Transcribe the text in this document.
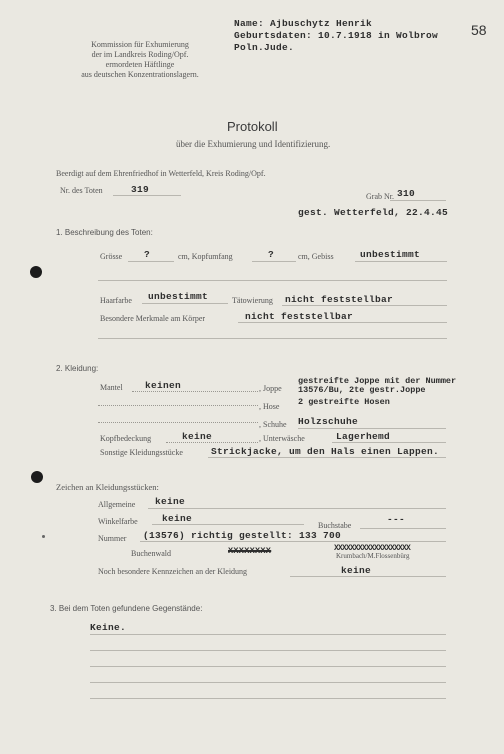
58
Kommission für Exhumierung
der im Landkreis Roding/Opf.
ermordeten Häftlinge
aus deutschen Konzentrationslagern.
Name: Ajbuschytz Henrik
Geburtsdaten: 10.7.1918 in Wolbrow
Poln.Jude.
Protokoll
über die Exhumierung und Identifizierung.
Beerdigt auf dem Ehrenfriedhof in Wetterfeld, Kreis Roding/Opf.
Nr. des Toten	319
Grab Nr. 310
gest. Wetterfeld, 22.4.45
1. Beschreibung des Toten:
Grösse ?	cm, Kopfumfang	?	cm, Gebiss	unbestimmt
Haarfarbe unbestimmt	Tätowierung nicht feststellbar
Besondere Merkmale am Körper	nicht feststellbar
2. Kleidung:
Mantel keinen	, Joppe
gestreifte Joppe mit der Nummer
13576/Bu, 2te gestr.Joppe
, Hose 2 gestreifte Hosen
, Schuhe Holzschuhe
Kopfbedeckung	keine	, Unterwäsche	Lagerhemd
Sonstige Kleidungsstücke	Strickjacke, um den Hals einen Lappen.
Zeichen an Kleidungsstücken:
Allgemeine keine
Winkelfarbe	keine
Buchstabe
---
Nummer (13576) richtig gestellt: 133 700
Buchenwald	XXXXXXXX	Krumbach/M.Flossenbürg
XXXXXXXXXXXXXXXXXXX
Noch besondere Kennzeichen an der Kleidung	keine
3. Bei dem Toten gefundene Gegenstände:
Keine.
